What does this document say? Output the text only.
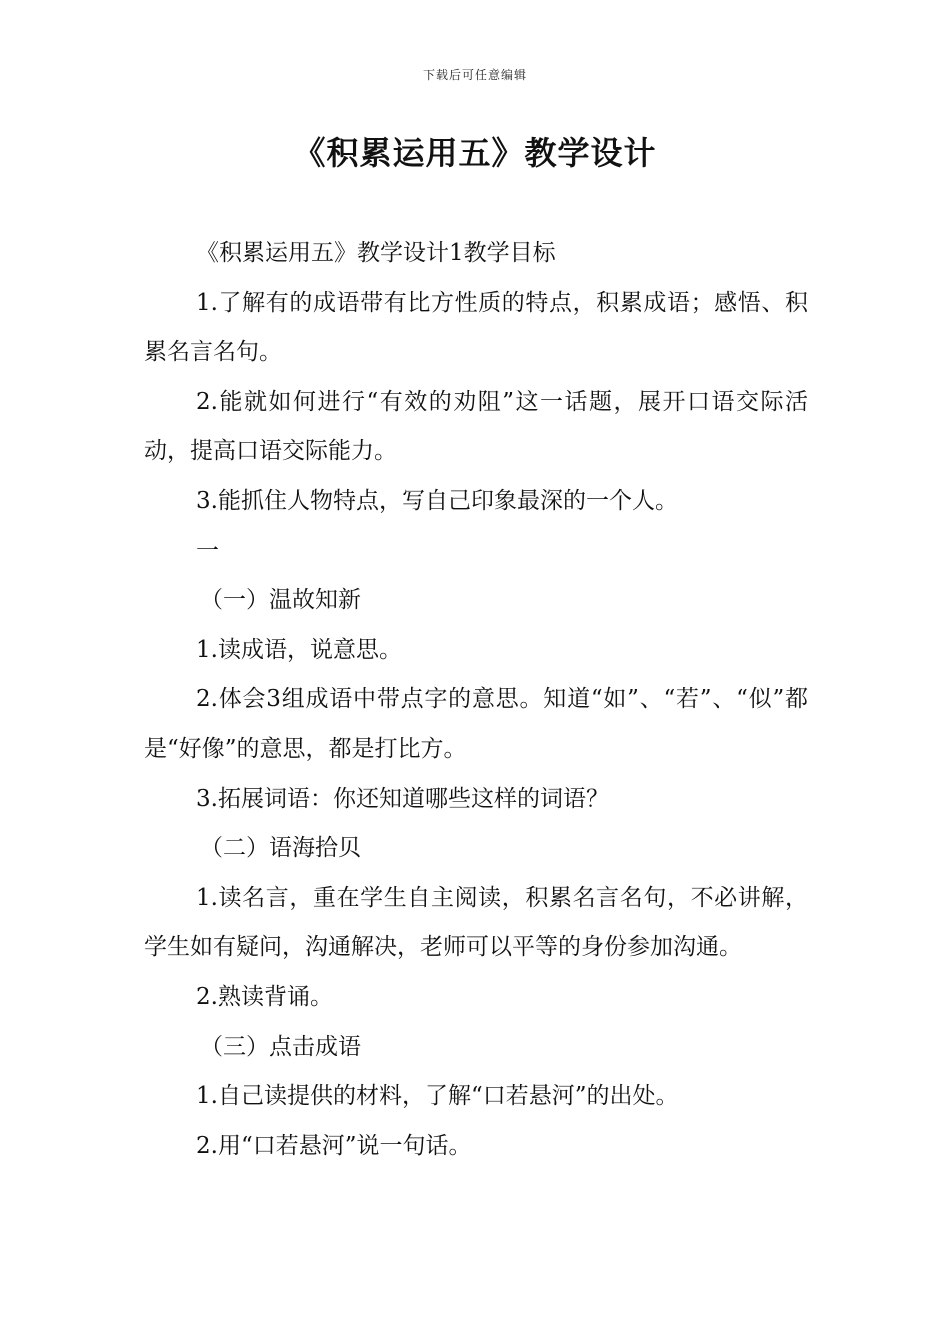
下载后可任意编辑
《积累运用五》教学设计

《积累运用五》教学设计1教学目标

1.了解有的成语带有比方性质的特点，积累成语；感悟、积累名言名句。

2.能就如何进行“有效的劝阻”这一话题，展开口语交际活动，提高口语交际能力。

3.能抓住人物特点，写自己印象最深的一个人。

一

（一）温故知新

1.读成语，说意思。

2.体会3组成语中带点字的意思。知道“如”、“若”、“似”都是“好像”的意思，都是打比方。

3.拓展词语：你还知道哪些这样的词语？

（二）语海拾贝

1.读名言，重在学生自主阅读，积累名言名句，不必讲解，学生如有疑问，沟通解决，老师可以平等的身份参加沟通。

2.熟读背诵。

（三）点击成语

1.自己读提供的材料，了解“口若悬河”的出处。

2.用“口若悬河”说一句话。
